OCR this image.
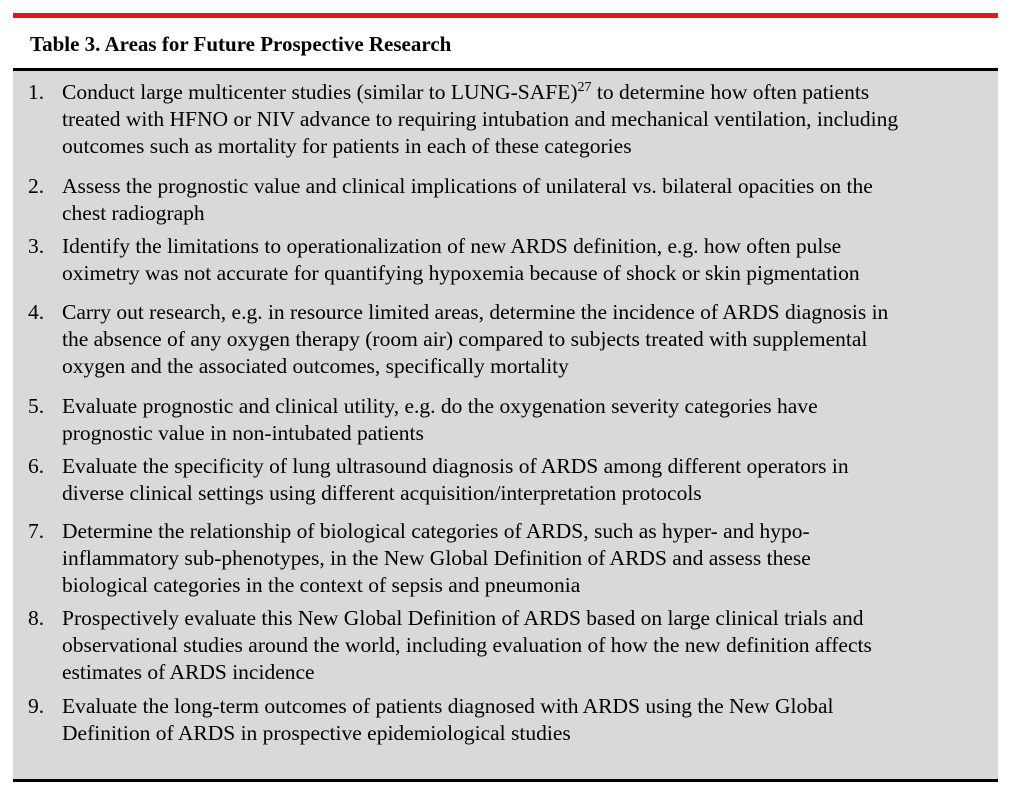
Table 3. Areas for Future Prospective Research
1. Conduct large multicenter studies (similar to LUNG-SAFE)$^{27}$ to determine how often patients
treated with HFNO or NIV advance to requiring intubation and mechanical ventilation, including
outcomes such as mortality for patients in each of these categories
2. Assess the prognostic value and clinical implications of unilateral vs. bilateral opacities on the
chest radiograph
3. Identify the limitations to operationalization of new ARDS definition, e.g. how often pulse
oximetry was not accurate for quantifying hypoxemia because of shock or skin pigmentation
4. Carry out research, e.g. in resource limited areas, determine the incidence of ARDS diagnosis in
the absence of any oxygen therapy (room air) compared to subjects treated with supplemental
oxygen and the associated outcomes, specifically mortality
5. Evaluate prognostic and clinical utility, e.g. do the oxygenation severity categories have
prognostic value in non-intubated patients
6. Evaluate the specificity of lung ultrasound diagnosis of ARDS among different operators in
diverse clinical settings using different acquisition/interpretation protocols
7. Determine the relationship of biological categories of ARDS, such as hyper- and hypo-
inflammatory sub-phenotypes, in the New Global Definition of ARDS and assess these
biological categories in the context of sepsis and pneumonia
8. Prospectively evaluate this New Global Definition of ARDS based on large clinical trials and
observational studies around the world, including evaluation of how the new definition affects
estimates of ARDS incidence
9. Evaluate the long-term outcomes of patients diagnosed with ARDS using the New Global
Definition of ARDS in prospective epidemiological studies
